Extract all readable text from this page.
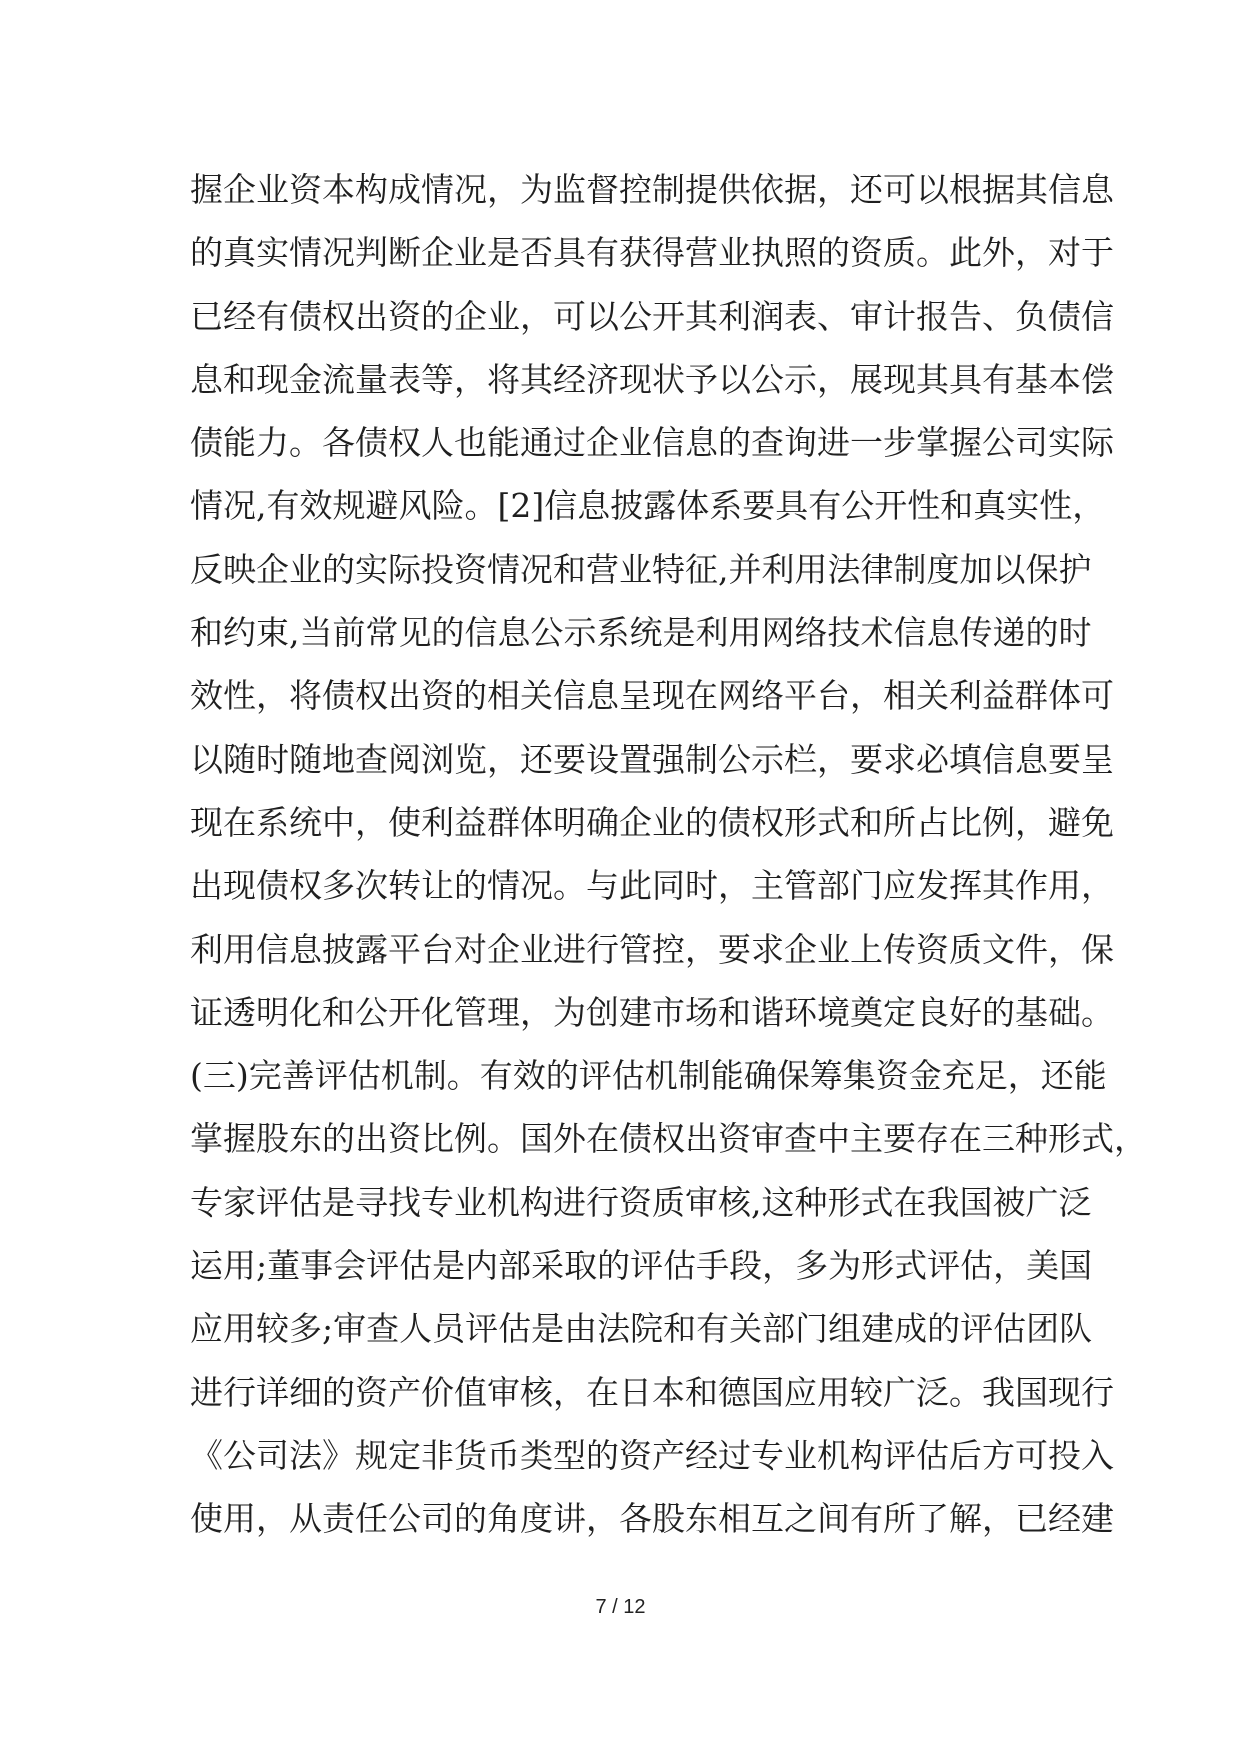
握企业资本构成情况，为监督控制提供依据，还可以根据其信息
的真实情况判断企业是否具有获得营业执照的资质。此外，对于
已经有债权出资的企业，可以公开其利润表、审计报告、负债信
息和现金流量表等，将其经济现状予以公示，展现其具有基本偿
债能力。各债权人也能通过企业信息的查询进一步掌握公司实际
情况,有效规避风险。[2]信息披露体系要具有公开性和真实性，
反映企业的实际投资情况和营业特征,并利用法律制度加以保护
和约束,当前常见的信息公示系统是利用网络技术信息传递的时
效性，将债权出资的相关信息呈现在网络平台，相关利益群体可
以随时随地查阅浏览，还要设置强制公示栏，要求必填信息要呈
现在系统中，使利益群体明确企业的债权形式和所占比例，避免
出现债权多次转让的情况。与此同时，主管部门应发挥其作用，
利用信息披露平台对企业进行管控，要求企业上传资质文件，保
证透明化和公开化管理，为创建市场和谐环境奠定良好的基础。
(三)完善评估机制。有效的评估机制能确保筹集资金充足，还能
掌握股东的出资比例。国外在债权出资审查中主要存在三种形式，
专家评估是寻找专业机构进行资质审核,这种形式在我国被广泛
运用;董事会评估是内部采取的评估手段，多为形式评估，美国
应用较多;审查人员评估是由法院和有关部门组建成的评估团队
进行详细的资产价值审核，在日本和德国应用较广泛。我国现行
《公司法》规定非货币类型的资产经过专业机构评估后方可投入
使用，从责任公司的角度讲，各股东相互之间有所了解，已经建
7 / 12
